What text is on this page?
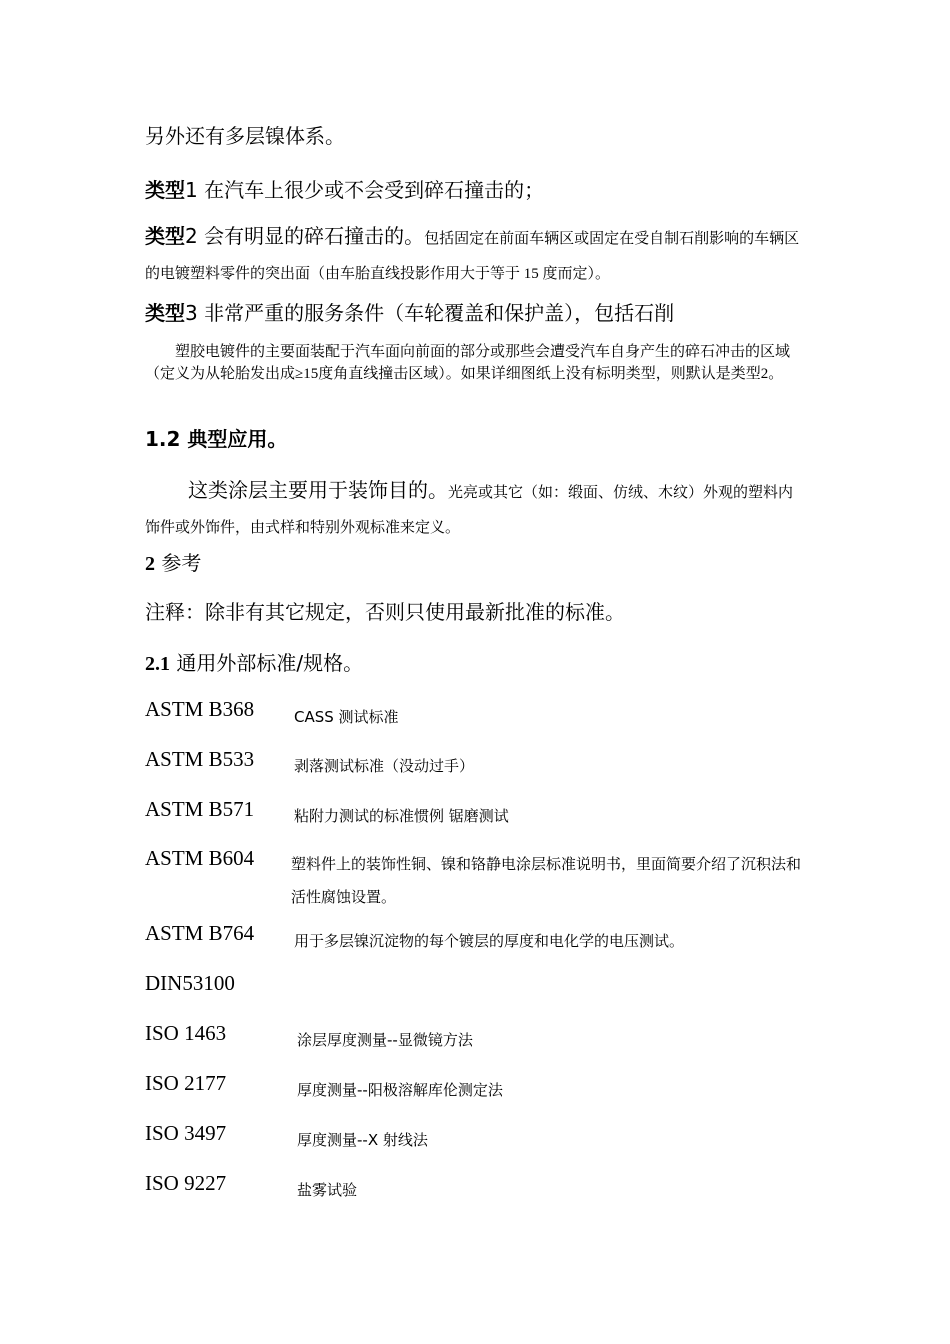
另外还有多层镍体系。
类型1 在汽车上很少或不会受到碎石撞击的；
类型2 会有明显的碎石撞击的。包括固定在前面车辆区或固定在受自制石削影响的车辆区的电镀塑料零件的突出面（由车胎直线投影作用大于等于 15 度而定）。
类型3 非常严重的服务条件（车轮覆盖和保护盖），包括石削
塑胶电镀件的主要面装配于汽车面向前面的部分或那些会遭受汽车自身产生的碎石冲击的区域（定义为从轮胎发出成≥15度角直线撞击区域）。如果详细图纸上没有标明类型，则默认是类型2。
1.2 典型应用。
这类涂层主要用于装饰目的。光亮或其它（如：缎面、仿绒、木纹）外观的塑料内饰件或外饰件，由式样和特别外观标准来定义。
2 参考
注释：除非有其它规定，否则只使用最新批准的标准。
2.1 通用外部标准/规格。
ASTM B368	CASS 测试标准
ASTM B533	剥落测试标准（没动过手）
ASTM B571	粘附力测试的标准惯例 锯磨测试
ASTM B604 塑料件上的装饰性铜、镍和铬静电涂层标准说明书，里面简要介绍了沉积法和活性腐蚀设置。
ASTM B764	用于多层镍沉淀物的每个镀层的厚度和电化学的电压测试。
DIN53100
ISO 1463	涂层厚度测量--显微镜方法
ISO 2177	厚度测量--阳极溶解库伦测定法
ISO 3497	厚度测量--X 射线法
ISO 9227	盐雾试验
